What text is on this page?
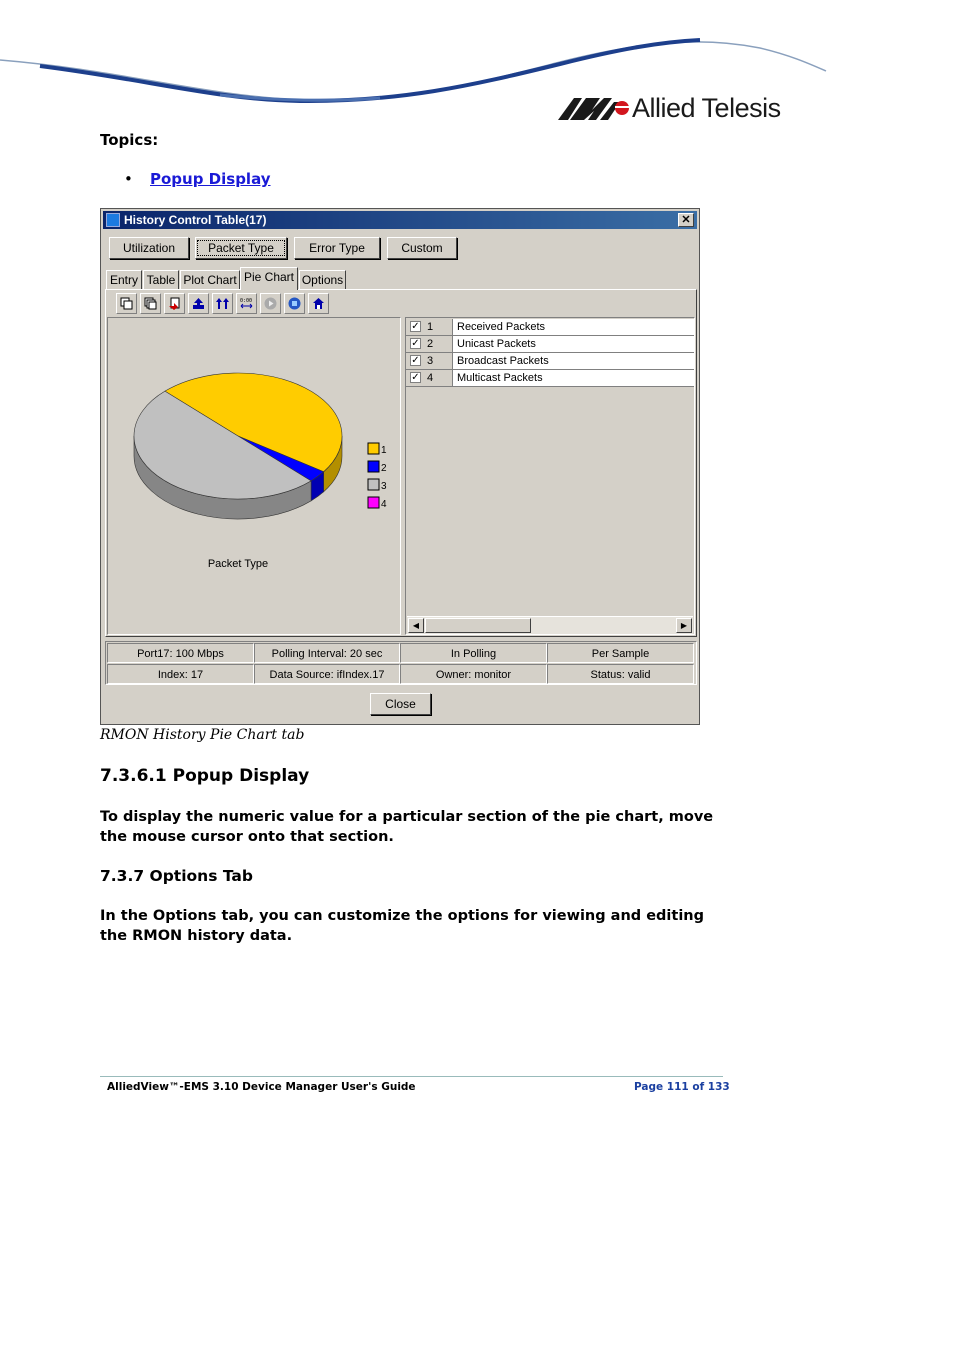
Allied Telesis
Topics:
• Popup Display
History Control Table(17)	✕
Utilization	Packet Type	Error Type	Custom
Entry Table Plot Chart Pie Chart Options
0:00
Packet Type
1
2
3
4
✓ 1	Received Packets
✓ 2	Unicast Packets
✓ 3	Broadcast Packets
✓ 4	Multicast Packets
◀	▶
Port17: 100 Mbps	Polling Interval: 20 sec	In Polling	Per Sample
Index: 17	Data Source: ifIndex.17	Owner: monitor	Status: valid
Close
RMON History Pie Chart tab
7.3.6.1 Popup Display
To display the numeric value for a particular section of the pie chart, move the mouse cursor onto that section.
7.3.7 Options Tab
In the Options tab, you can customize the options for viewing and editing the RMON history data.
AlliedView™-EMS 3.10 Device Manager User's Guide	Page 111 of 133
